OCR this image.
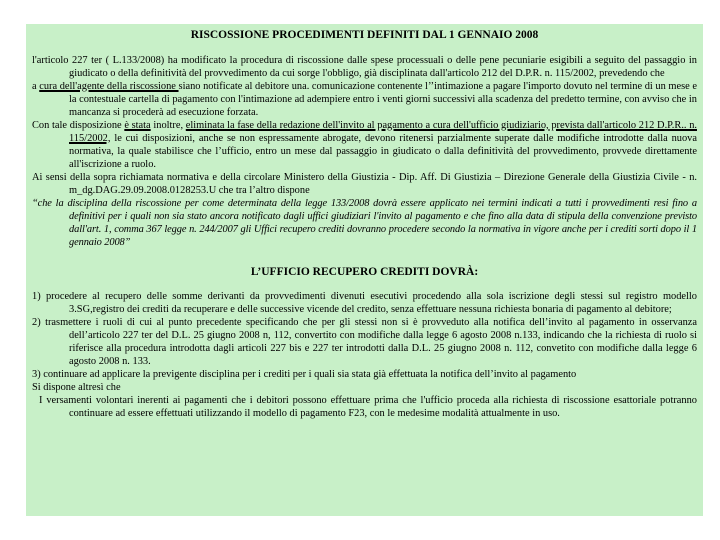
RISCOSSIONE PROCEDIMENTI DEFINITI DAL 1 GENNAIO 2008

l'articolo 227 ter ( L.133/2008) ha modificato la procedura di riscossione dalle spese processuali o delle pene pecuniarie esigibili a seguito del passaggio in giudicato o della definitività del provvedimento da cui sorge l'obbligo, già disciplinata dall'articolo 212 del D.P.R. n. 115/2002, prevedendo che

a cura dell'agente della riscossione siano notificate al debitore una. comunicazione contenente l’’intimazione a pagare l'importo dovuto nel termine di un mese e la contestuale cartella di pagamento con l'intimazione ad adempiere entro i venti giorni successivi alla scadenza del predetto termine, con avviso che in mancanza si procederà ad esecuzione forzata.

Con tale disposizione è stata inoltre, eliminata la fase della redazione dell'invito al pagamento a cura dell'ufficio giudiziario, prevista dall'articolo 212 D.P.R.. n. 115/2002, le cui disposizioni, anche se non espressamente abrogate, devono ritenersi parzialmente superate dalle modifiche introdotte dalla nuova normativa, la quale stabilisce che l’ufficio, entro un mese dal passaggio in giudicato o dalla definitività del provvedimento, provvede direttamente all'iscrizione a ruolo.

Ai sensi della sopra richiamata normativa e della circolare Ministero della Giustizia - Dip. Aff. Di Giustizia – Direzione Generale della Giustizia Civile - n. m_dg.DAG.29.09.2008.0128253.U che tra l’altro dispone

“che la disciplina della riscossione per come determinata della legge 133/2008 dovrà essere applicato nei termini indicati a tutti i provvedimenti resi fino a definitivi per i quali non sia stato ancora notificato dagli uffici giudiziari l'invito al pagamento e che fino alla data di stipula della convenzione previsto dall'art. 1, comma 367 legge n. 244/2007 gli Uffici recupero crediti dovranno procedere secondo la normativa in vigore anche per i crediti sorti dopo il 1 gennaio 2008”

L’UFFICIO RECUPERO CREDITI DOVRÀ:

1) procedere al recupero delle somme derivanti da provvedimenti divenuti esecutivi procedendo alla sola iscrizione degli stessi sul registro modello 3.SG,registro dei crediti da recuperare e delle successive vicende del credito, senza effettuare nessuna richiesta bonaria di pagamento al debitore;

2) trasmettere i ruoli di cui al punto precedente specificando che per gli stessi non si è provveduto alla notifica dell’invito al pagamento in osservanza dell’articolo 227 ter del D.L. 25 giugno 2008 n, 112, convertito con modifiche dalla legge 6 agosto 2008 n.133, indicando che la richiesta di ruolo si riferisce alla procedura introdotta dagli articoli 227 bis e 227 ter introdotti dalla D.L. 25 giugno 2008 n. 112, convetito con modifiche dalla legge 6 agosto 2008 n. 133.

3) continuare ad applicare la previgente disciplina per i crediti per i quali sia stata già effettuata la notifica dell’invito al pagamento

Si dispone altresì che

I versamenti volontari inerenti ai pagamenti che i debitori possono effettuare prima che l'ufficio proceda alla richiesta di riscossione esattoriale potranno continuare ad essere effettuati utilizzando il modello di pagamento F23, con le medesime modalità attualmente in uso.
